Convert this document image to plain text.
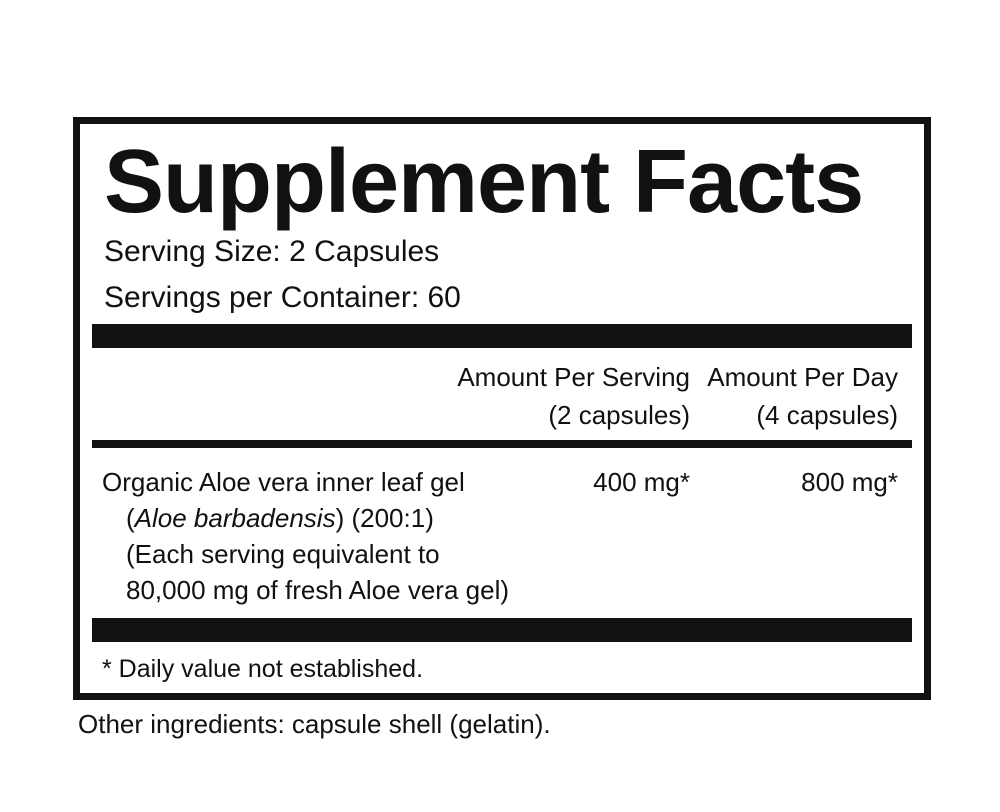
Supplement Facts
Serving Size: 2 Capsules
Servings per Container: 60
Amount Per Serving
(2 capsules)
Amount Per Day
(4 capsules)
Organic Aloe vera inner leaf gel
(Aloe barbadensis) (200:1)
(Each serving equivalent to
80,000 mg of fresh Aloe vera gel)
400 mg*	800 mg*
* Daily value not established.
Other ingredients: capsule shell (gelatin).
